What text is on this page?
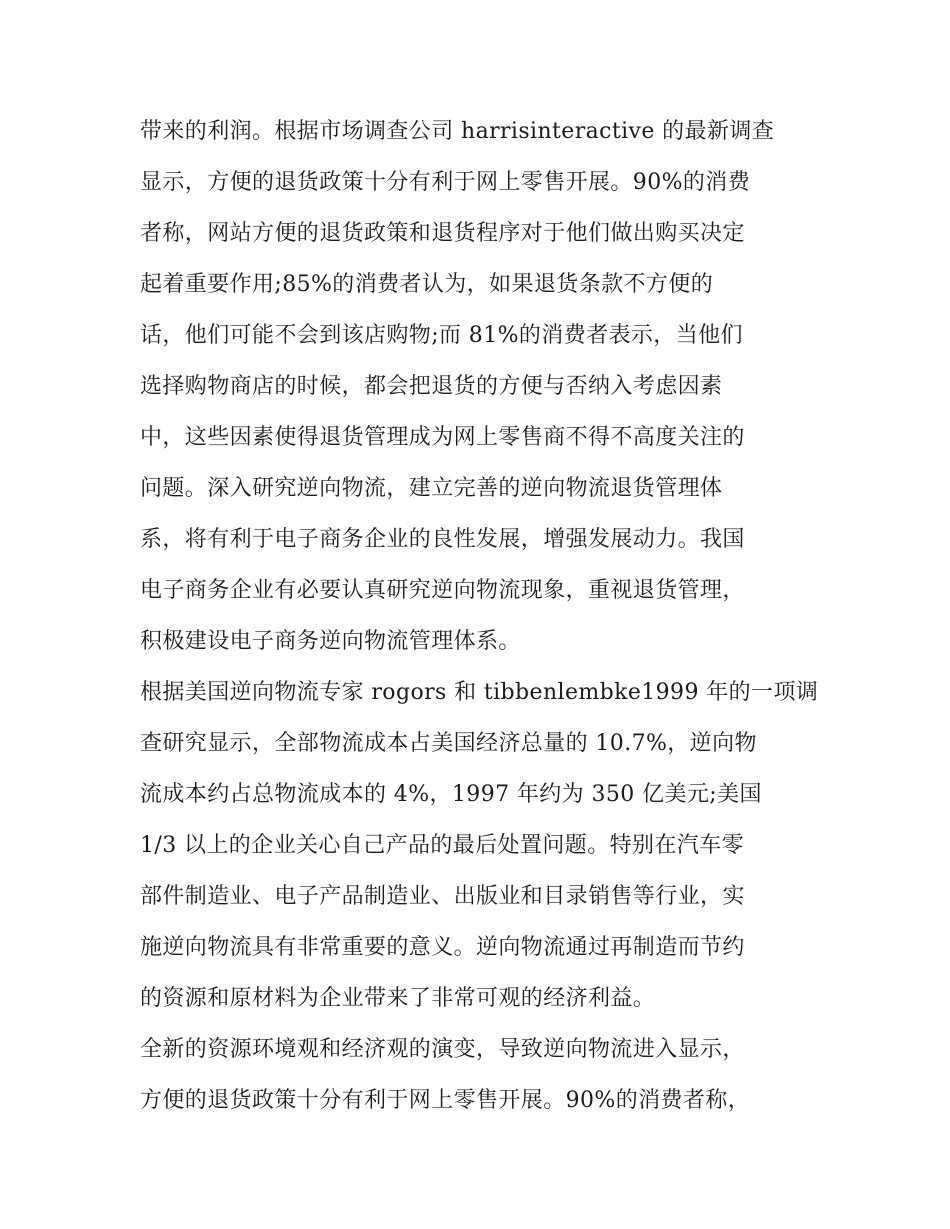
带来的利润。根据市场调查公司 harrisinteractive 的最新调查
显示，方便的退货政策十分有利于网上零售开展。90%的消费
者称，网站方便的退货政策和退货程序对于他们做出购买决定
起着重要作用;85%的消费者认为，如果退货条款不方便的
话，他们可能不会到该店购物;而 81%的消费者表示，当他们
选择购物商店的时候，都会把退货的方便与否纳入考虑因素
中，这些因素使得退货管理成为网上零售商不得不高度关注的
问题。深入研究逆向物流，建立完善的逆向物流退货管理体
系，将有利于电子商务企业的良性发展，增强发展动力。我国
电子商务企业有必要认真研究逆向物流现象，重视退货管理，
积极建设电子商务逆向物流管理体系。
根据美国逆向物流专家 rogors 和 tibbenlembke1999 年的一项调
查研究显示，全部物流成本占美国经济总量的 10.7%，逆向物
流成本约占总物流成本的 4%，1997 年约为 350 亿美元;美国
1/3 以上的企业关心自己产品的最后处置问题。特别在汽车零
部件制造业、电子产品制造业、出版业和目录销售等行业，实
施逆向物流具有非常重要的意义。逆向物流通过再制造而节约
的资源和原材料为企业带来了非常可观的经济利益。
全新的资源环境观和经济观的演变，导致逆向物流进入显示，
方便的退货政策十分有利于网上零售开展。90%的消费者称，
